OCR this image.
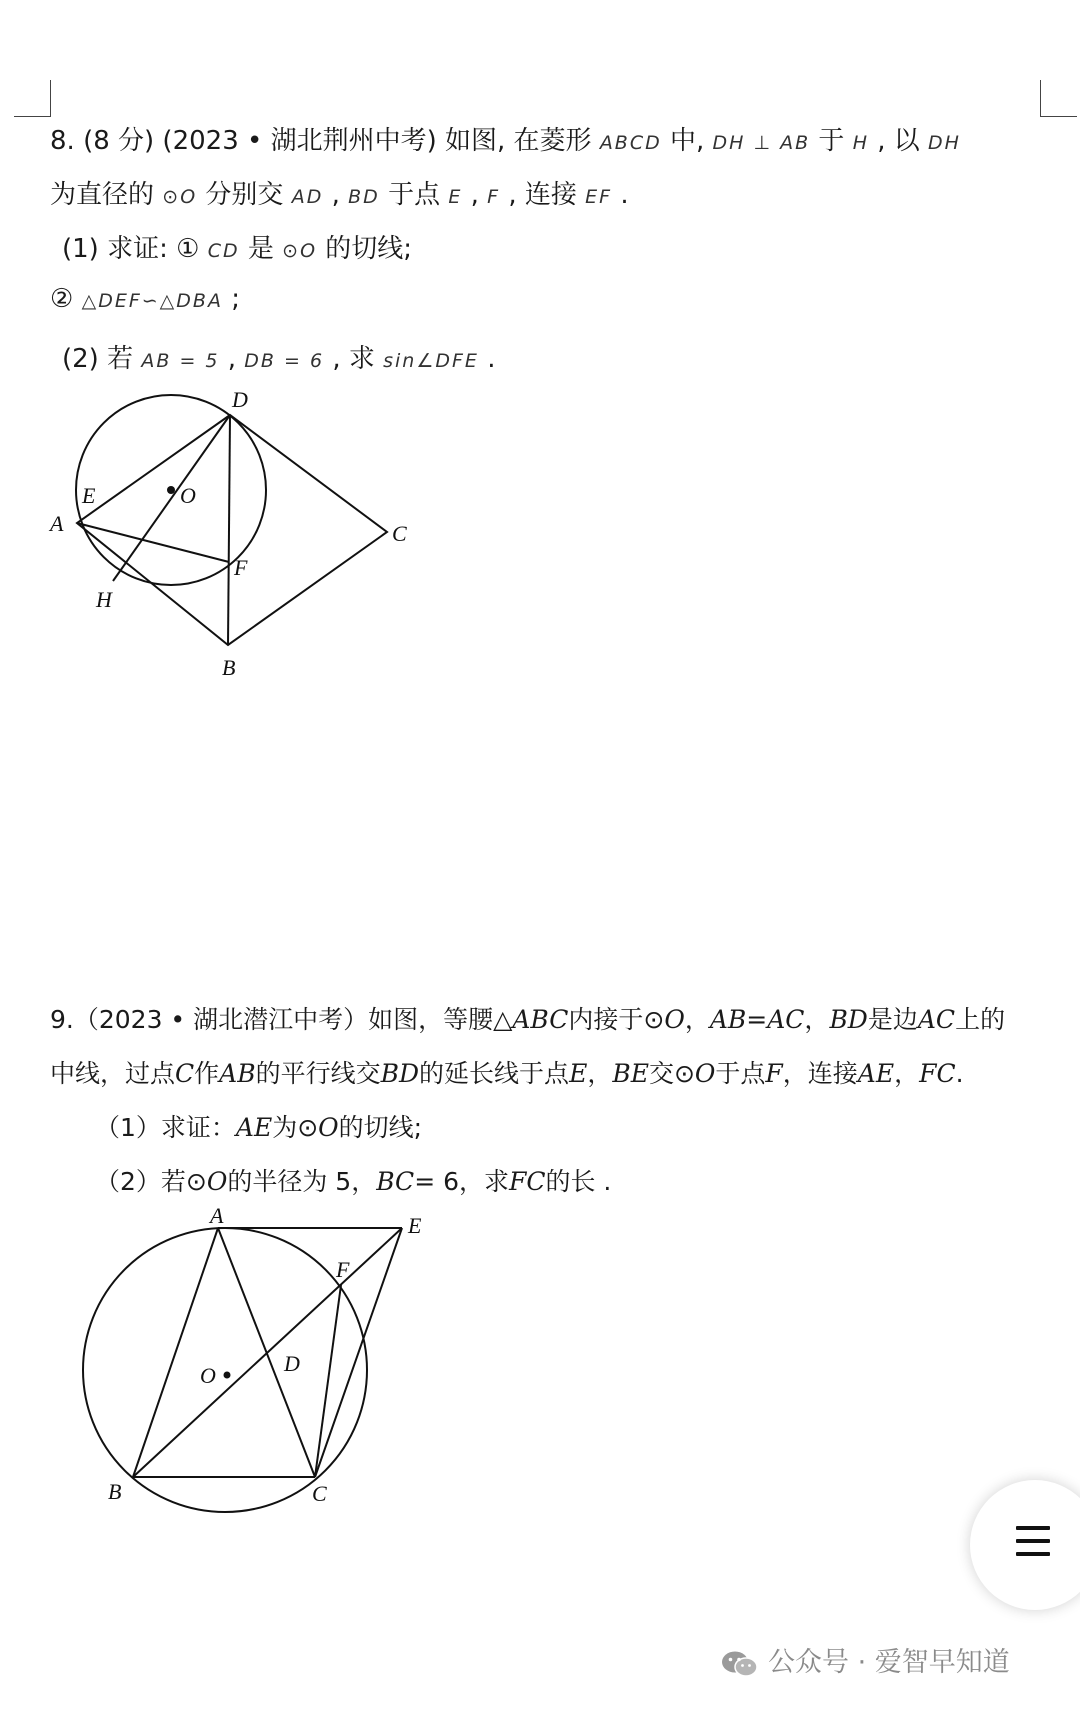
8. (8 分) (2023 • 湖北荆州中考) 如图, 在菱形 ABCD 中, DH ⊥ AB 于 H , 以 DH
为直径的 ⊙O 分别交 AD , BD 于点 E , F , 连接 EF .
(1) 求证: ① CD 是 ⊙O 的切线;
② △DEF∽△DBA ;
(2) 若 AB = 5 , DB = 6 , 求 sin∠DFE .
D
E	O
A	C
H
F
B
9.（2023 • 湖北潜江中考）如图，等腰△ABC内接于⊙O，AB=AC，BD是边AC上的
中线，过点C作AB的平行线交BD的延长线于点E，BE交⊙O于点F，连接AE，FC.
（1）求证：AE为⊙O的切线;
（2）若⊙O的半径为 5，BC= 6，求FC的长 .
A	E
F
O	D
B	C
公众号 · 爱智早知道
